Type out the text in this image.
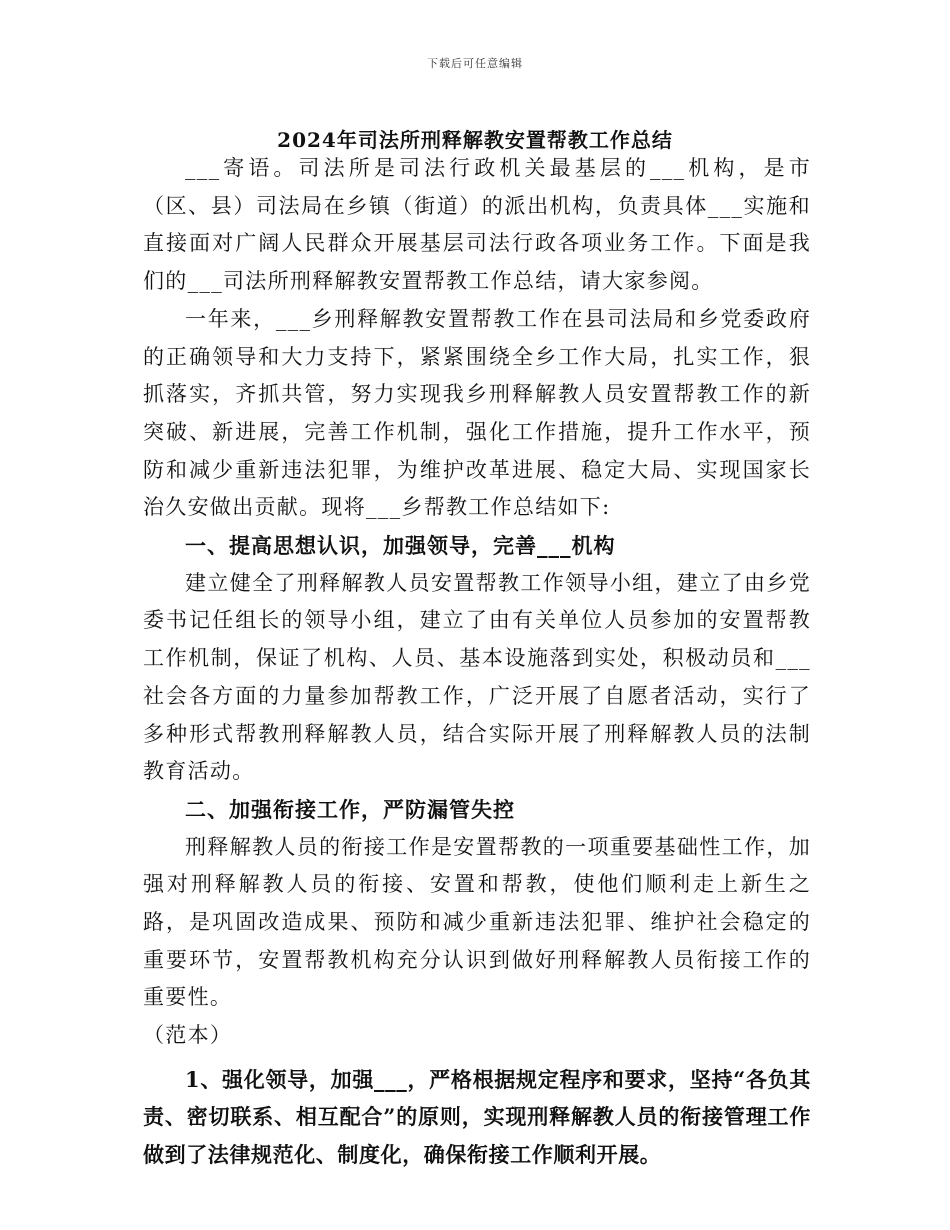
下载后可任意编辑
2024年司法所刑释解教安置帮教工作总结

___寄语。司法所是司法行政机关最基层的___机构，是市（区、县）司法局在乡镇（街道）的派出机构，负责具体___实施和直接面对广阔人民群众开展基层司法行政各项业务工作。下面是我们的___司法所刑释解教安置帮教工作总结，请大家参阅。

一年来，___乡刑释解教安置帮教工作在县司法局和乡党委政府的正确领导和大力支持下，紧紧围绕全乡工作大局，扎实工作，狠抓落实，齐抓共管，努力实现我乡刑释解教人员安置帮教工作的新突破、新进展，完善工作机制，强化工作措施，提升工作水平，预防和减少重新违法犯罪，为维护改革进展、稳定大局、实现国家长治久安做出贡献。现将___乡帮教工作总结如下:

一、提高思想认识，加强领导，完善___机构

建立健全了刑释解教人员安置帮教工作领导小组，建立了由乡党委书记任组长的领导小组，建立了由有关单位人员参加的安置帮教工作机制，保证了机构、人员、基本设施落到实处，积极动员和___社会各方面的力量参加帮教工作，广泛开展了自愿者活动，实行了多种形式帮教刑释解教人员，结合实际开展了刑释解教人员的法制教育活动。

二、加强衔接工作，严防漏管失控

刑释解教人员的衔接工作是安置帮教的一项重要基础性工作，加强对刑释解教人员的衔接、安置和帮教，使他们顺利走上新生之路，是巩固改造成果、预防和减少重新违法犯罪、维护社会稳定的重要环节，安置帮教机构充分认识到做好刑释解教人员衔接工作的重要性。

（范本）

1、强化领导，加强___，严格根据规定程序和要求，坚持“各负其责、密切联系、相互配合”的原则，实现刑释解教人员的衔接管理工作做到了法律规范化、制度化，确保衔接工作顺利开展。
